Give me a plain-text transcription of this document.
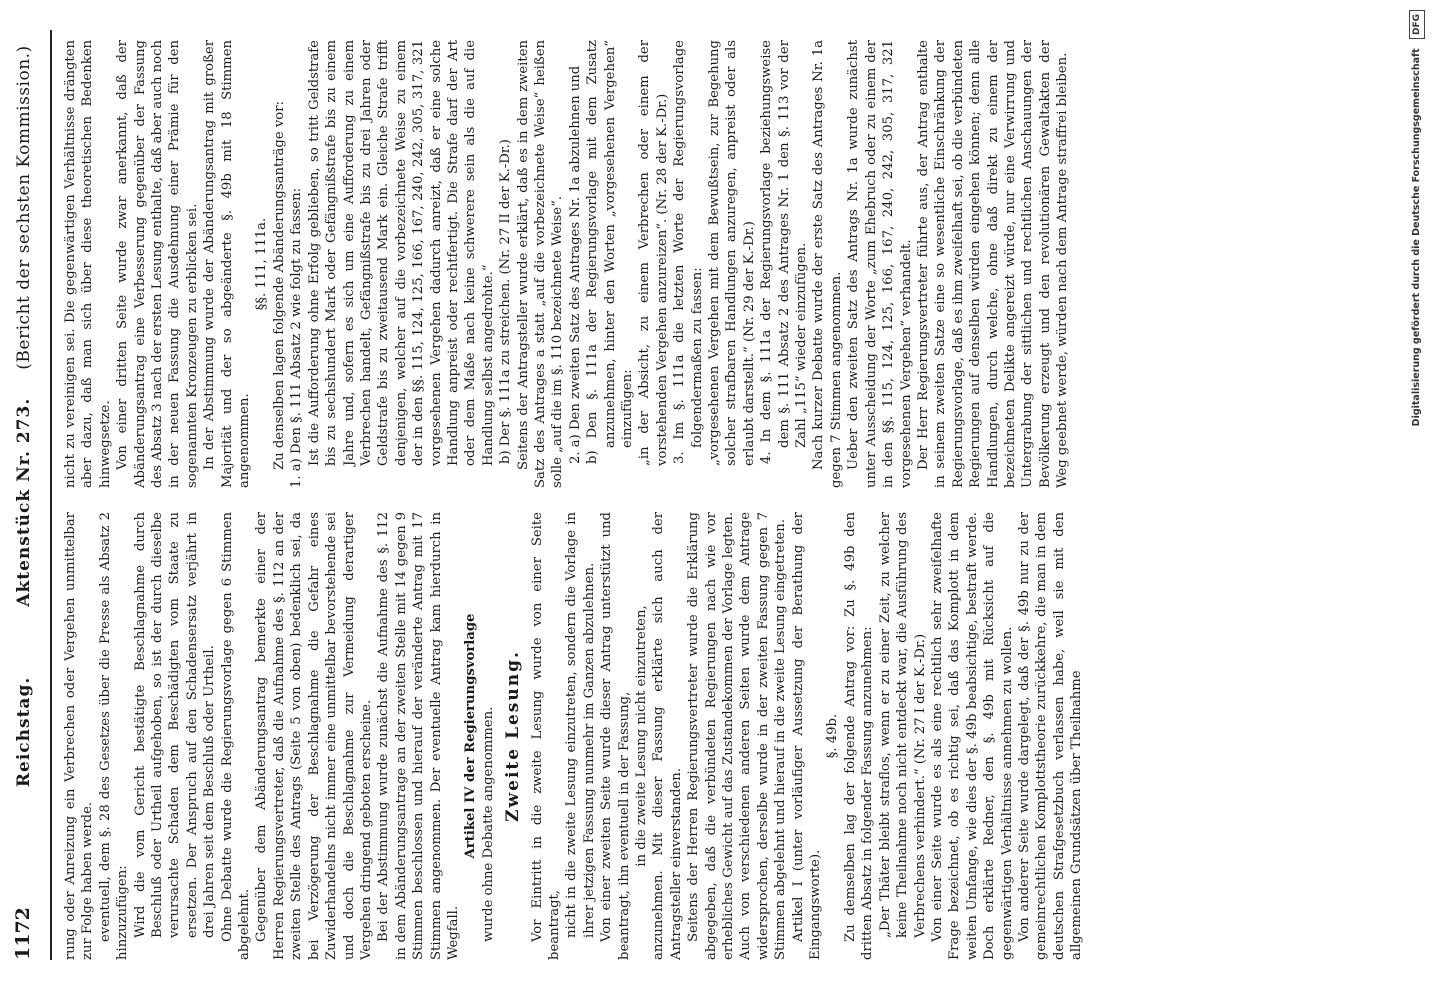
1172
Reichstag.
Aktenstück Nr. 273.
(Bericht der sechsten Kommission.)

rung oder Anreizung ein Verbrechen oder Vergehen unmittelbar zur Folge haben werde. eventuell, dem §. 28 des Gesetzes über die Presse als Absatz 2 hinzuzufügen: Wird die vom Gericht bestätigte Beschlagnahme durch Beschluß oder Urtheil aufgehoben, so ist der durch dieselbe verursachte Schaden dem Beschädigten vom Staate zu ersetzen. Der Anspruch auf den Schadensersatz verjährt in drei Jahren seit dem Beschluß oder Urtheil. Ohne Debatte wurde die Regierungsvorlage gegen 6 Stimmen abgelehnt. Gegenüber dem Abänderungsantrag bemerkte einer der Herren Regierungsvertreter, daß die Aufnahme des §. 112 an der zweiten Stelle des Antrags (Seite 5 von oben) bedenklich sei, da bei Verzögerung der Beschlagnahme die Gefahr eines Zuwiderhandelns nicht immer eine unmittelbar bevorstehende sei und doch die Beschlagnahme zur Vermeidung derartiger Vergehen dringend geboten erscheine. Bei der Abstimmung wurde zunächst die Aufnahme des §. 112 in dem Abänderungsantrage an der zweiten Stelle mit 14 gegen 9 Stimmen beschlossen und hierauf der veränderte Antrag mit 17 Stimmen angenommen. Der eventuelle Antrag kam hierdurch in Wegfall.

Artikel IV der Regierungsvorlage wurde ohne Debatte angenommen. Zweite Lesung. Vor Eintritt in die zweite Lesung wurde von einer Seite beantragt, nicht in die zweite Lesung einzutreten, sondern die Vorlage in ihrer jetzigen Fassung nunmehr im Ganzen abzulehnen. Von einer zweiten Seite wurde dieser Antrag unterstützt und beantragt, ihn eventuell in der Fassung, in die zweite Lesung nicht einzutreten, anzunehmen. Mit dieser Fassung erklärte sich auch der Antragsteller einverstanden. Seitens der Herren Regierungsvertreter wurde die Erklärung abgegeben, daß die verbündeten Regierungen nach wie vor erhebliches Gewicht auf das Zustandekommen der Vorlage legten. Auch von verschiedenen anderen Seiten wurde dem Antrage widersprochen, derselbe wurde in der zweiten Fassung gegen 7 Stimmen abgelehnt und hierauf in die zweite Lesung eingetreten. Artikel I (unter vorläufiger Aussetzung der Berathung der Eingangsworte).

§. 49b. Zu demselben lag der folgende Antrag vor: Zu §. 49b den dritten Absatz in folgender Fassung anzunehmen: „Der Thäter bleibt straflos, wenn er zu einer Zeit, zu welcher keine Theilnahme noch nicht entdeckt war, die Ausführung des Verbrechens verhindert.“ (Nr. 27 I der K.-Dr.) Von einer Seite wurde es als eine rechtlich sehr zweifelhafte Frage bezeichnet, ob es richtig sei, daß das Komplott in dem weiten Umfange, wie dies der §. 49b beabsichtige, bestraft werde. Doch erklärte Redner, den §. 49b mit Rücksicht auf die gegenwärtigen Verhältnisse annehmen zu wollen. Von anderer Seite wurde dargelegt, daß der §. 49b nur zu der gemeinrechtlichen Komplottstheorie zurückkehre, die man in dem deutschen Strafgesetzbuch verlassen habe, weil sie mit den allgemeinen Grundsätzen über Theilnahme

nicht zu vereinigen sei. Die gegenwärtigen Verhältnisse drängten aber dazu, daß man sich über diese theoretischen Bedenken hinwegsetze. Von einer dritten Seite wurde zwar anerkannt, daß der Abänderungsantrag eine Verbesserung gegenüber der Fassung des Absatz 3 nach der ersten Lesung enthalte, daß aber auch noch in der neuen Fassung die Ausdehnung einer Prämie für den sogenannten Kronzeugen zu erblicken sei. In der Abstimmung wurde der Abänderungsantrag mit großer Majorität und der so abgeänderte §. 49b mit 18 Stimmen angenommen.

§§. 111, 111a. Zu denselben lagen folgende Abänderungsanträge vor: 1. a) Den §. 111 Absatz 2 wie folgt zu fassen: Ist die Aufforderung ohne Erfolg geblieben, so tritt Geldstrafe bis zu sechshundert Mark oder Gefängnißstrafe bis zu einem Jahre und, sofern es sich um eine Aufforderung zu einem Verbrechen handelt, Gefängnißstrafe bis zu drei Jahren oder Geldstrafe bis zu zweitausend Mark ein. Gleiche Strafe trifft denjenigen, welcher auf die vorbezeichnete Weise zu einem der in den §§. 115, 124, 125, 166, 167, 240, 242, 305, 317, 321 vorgesehenen Vergehen dadurch anreizt, daß er eine solche Handlung anpreist oder rechtfertigt. Die Strafe darf der Art oder dem Maße nach keine schwerere sein als die auf die Handlung selbst angedrohte.“ b) Der §. 111a zu streichen. (Nr. 27 II der K.-Dr.) Seitens der Antragsteller wurde erklärt, daß es in dem zweiten Satz des Antrages a statt „auf die vorbezeichnete Weise“ heißen solle „auf die im §. 110 bezeichnete Weise“. 2. a) Den zweiten Satz des Antrages Nr. 1a abzulehnen und b) Den §. 111a der Regierungsvorlage mit dem Zusatz anzunehmen, hinter den Worten „vorgesehenen Vergehen“ einzufügen: „in der Absicht, zu einem Verbrechen oder einem der vorstehenden Vergehen anzureizen“. (Nr. 28 der K.-Dr.) 3. Im §. 111a die letzten Worte der Regierungsvorlage folgendermaßen zu fassen: „vorgesehenen Vergehen mit dem Bewußtsein, zur Begehung solcher strafbaren Handlungen anzuregen, anpreist oder als erlaubt darstellt.“ (Nr. 29 der K.-Dr.) 4. In dem §. 111a der Regierungsvorlage beziehungsweise dem §. 111 Absatz 2 des Antrages Nr. 1 den §. 113 vor der Zahl „115“ wieder einzufügen. Nach kurzer Debatte wurde der erste Satz des Antrages Nr. 1a gegen 7 Stimmen angenommen. Ueber den zweiten Satz des Antrags Nr. 1a wurde zunächst unter Ausscheidung der Worte „zum Ehebruch oder zu einem der in den §§. 115, 124, 125, 166, 167, 240, 242, 305, 317, 321 vorgesehenen Vergehen“ verhandelt. Der Herr Regierungsvertreter führte aus, der Antrag enthalte in seinem zweiten Satze eine so wesentliche Einschränkung der Regierungsvorlage, daß es ihm zweifelhaft sei, ob die verbündeten Regierungen auf denselben würden eingehen können; denn alle Handlungen, durch welche, ohne daß direkt zu einem der bezeichneten Delikte angereizt würde, nur eine Verwirrung und Untergrabung der sittlichen und rechtlichen Anschauungen der Bevölkerung erzeugt und den revolutionären Gewaltakten der Weg geebnet werde, würden nach dem Antrage straffrei bleiben.	Digitalisierung gefördert durch die Deutsche Forschungsgemeinschaft DFG
